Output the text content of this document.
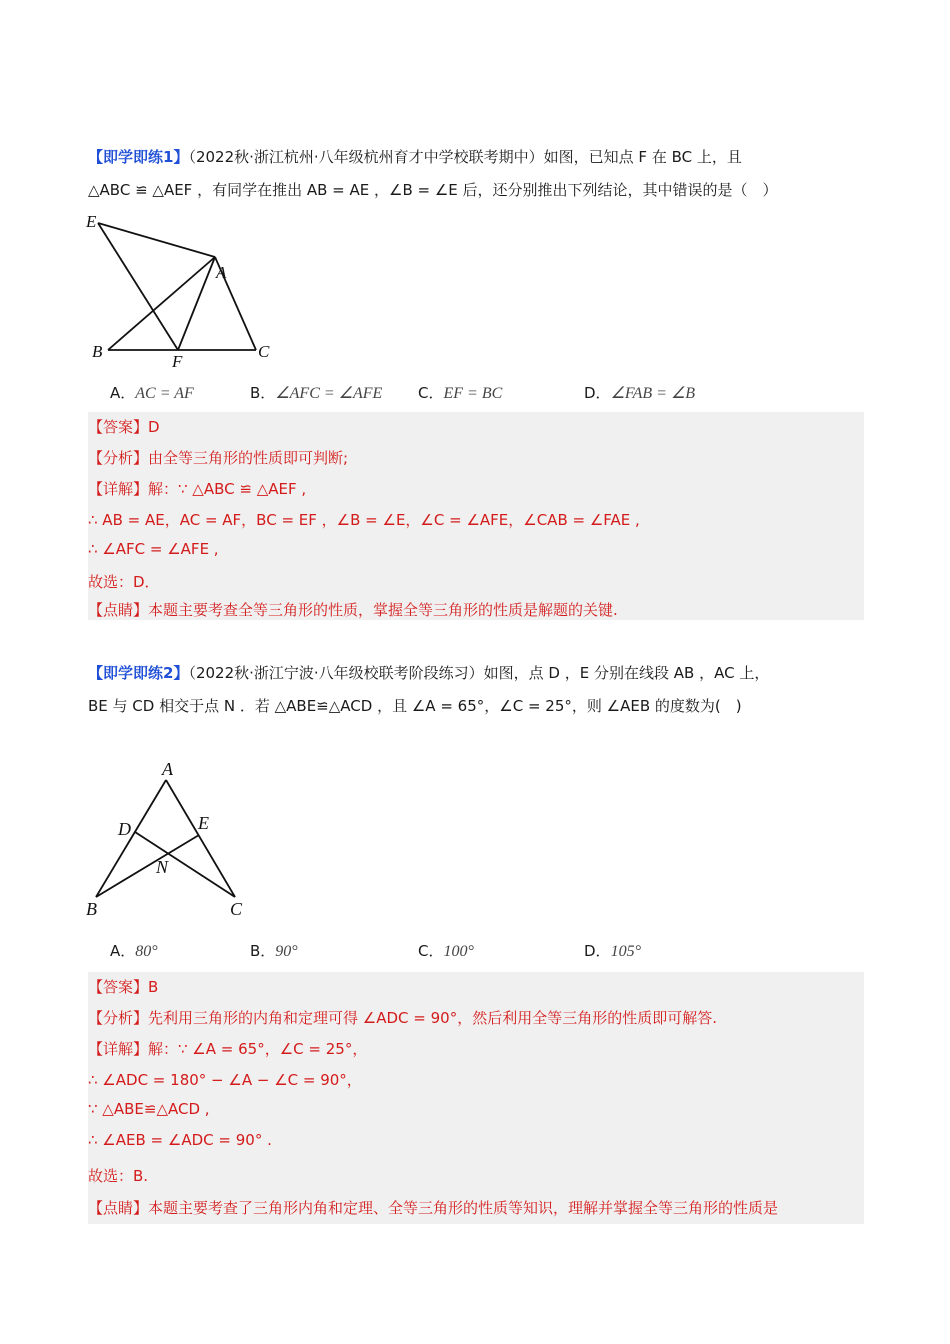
【即学即练1】（2022秋·浙江杭州·八年级杭州育才中学校联考期中）如图，已知点 F 在 BC 上，且
△ABC ≌ △AEF ，有同学在推出 AB = AE ，∠B = ∠E 后，还分别推出下列结论，其中错误的是（　）
E
A
B
F
C
A．AC = AF	B．∠AFC = ∠AFE C．EF = BC	D．∠FAB = ∠B
【答案】D
【分析】由全等三角形的性质即可判断;
【详解】解：∵ △ABC ≌ △AEF ,
∴ AB = AE，AC = AF，BC = EF ，∠B = ∠E，∠C = ∠AFE，∠CAB = ∠FAE ,
∴ ∠AFC = ∠AFE ,
故选：D．
【点睛】本题主要考查全等三角形的性质，掌握全等三角形的性质是解题的关键.
【即学即练2】（2022秋·浙江宁波·八年级校联考阶段练习）如图，点 D ，E 分别在线段 AB ，AC 上，
BE 与 CD 相交于点 N ．若 △ABE≌△ACD ，且 ∠A = 65°，∠C = 25°，则 ∠AEB 的度数为(　)
A
D	E
N
B	C
A．80°	B．90°	C．100°	D．105°
【答案】B
【分析】先利用三角形的内角和定理可得 ∠ADC = 90°，然后利用全等三角形的性质即可解答.
【详解】解：∵ ∠A = 65°，∠C = 25°，
∴ ∠ADC = 180° − ∠A − ∠C = 90°，
∵ △ABE≌△ACD ,
∴ ∠AEB = ∠ADC = 90° .
故选：B.
【点睛】本题主要考查了三角形内角和定理、全等三角形的性质等知识，理解并掌握全等三角形的性质是
